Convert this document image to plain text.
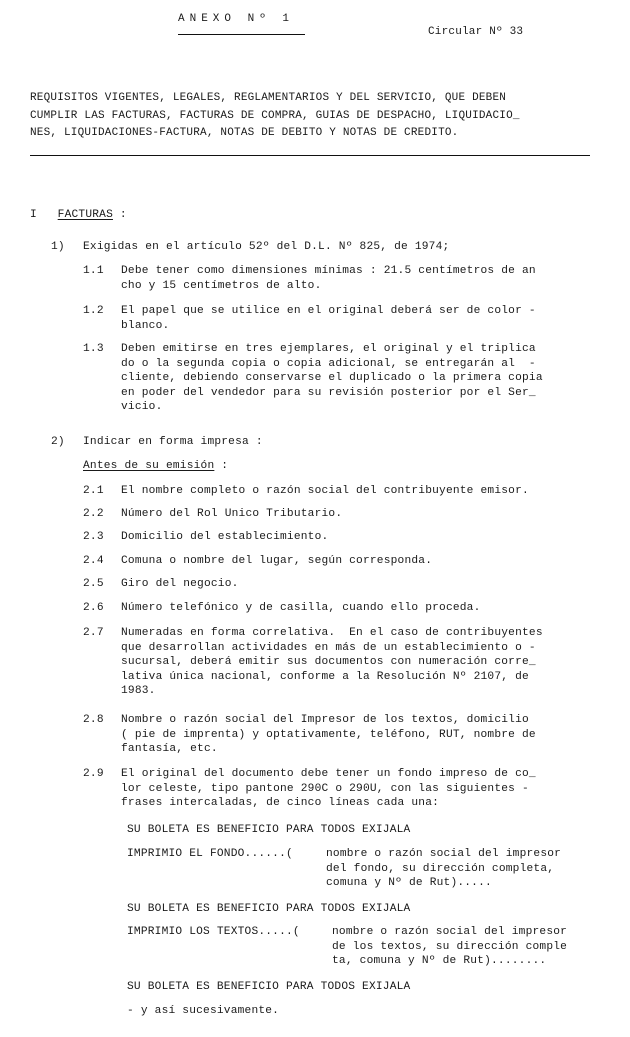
ANEXO Nº 1
Circular Nº 33
REQUISITOS VIGENTES, LEGALES, REGLAMENTARIOS Y DEL SERVICIO, QUE DEBEN
CUMPLIR LAS FACTURAS, FACTURAS DE COMPRA, GUIAS DE DESPACHO, LIQUIDACIO_
NES, LIQUIDACIONES-FACTURA, NOTAS DE DEBITO Y NOTAS DE CREDITO.
I FACTURAS :
1) Exigidas en el artículo 52º del D.L. Nº 825, de 1974;
1.1 Debe tener como dimensiones mínimas : 21.5 centímetros de an
cho y 15 centímetros de alto.
1.2 El papel que se utilice en el original deberá ser de color -
blanco.
1.3 Deben emitirse en tres ejemplares, el original y el triplica
do o la segunda copia o copia adicional, se entregarán al  -
cliente, debiendo conservarse el duplicado o la primera copia
en poder del vendedor para su revisión posterior por el Ser_
vicio.
2) Indicar en forma impresa :
Antes de su emisión :
2.1 El nombre completo o razón social del contribuyente emisor.
2.2 Número del Rol Unico Tributario.
2.3 Domicilio del establecimiento.
2.4 Comuna o nombre del lugar, según corresponda.
2.5 Giro del negocio.
2.6 Número telefónico y de casilla, cuando ello proceda.
2.7 Numeradas en forma correlativa.  En el caso de contribuyentes
que desarrollan actividades en más de un establecimiento o -
sucursal, deberá emitir sus documentos con numeración corre_
lativa única nacional, conforme a la Resolución Nº 2107, de
1983.
2.8 Nombre o razón social del Impresor de los textos, domicilio
( pie de imprenta) y optativamente, teléfono, RUT, nombre de
fantasía, etc.
2.9 El original del documento debe tener un fondo impreso de co_
lor celeste, tipo pantone 290C o 290U, con las siguientes -
frases intercaladas, de cinco líneas cada una:
SU BOLETA ES BENEFICIO PARA TODOS EXIJALA
IMPRIMIO EL FONDO......(	nombre o razón social del impresor
del fondo, su dirección completa,
comuna y Nº de Rut).....
SU BOLETA ES BENEFICIO PARA TODOS EXIJALA
IMPRIMIO LOS TEXTOS.....(	nombre o razón social del impresor
de los textos, su dirección comple
ta, comuna y Nº de Rut)........
SU BOLETA ES BENEFICIO PARA TODOS EXIJALA
- y así sucesivamente.
